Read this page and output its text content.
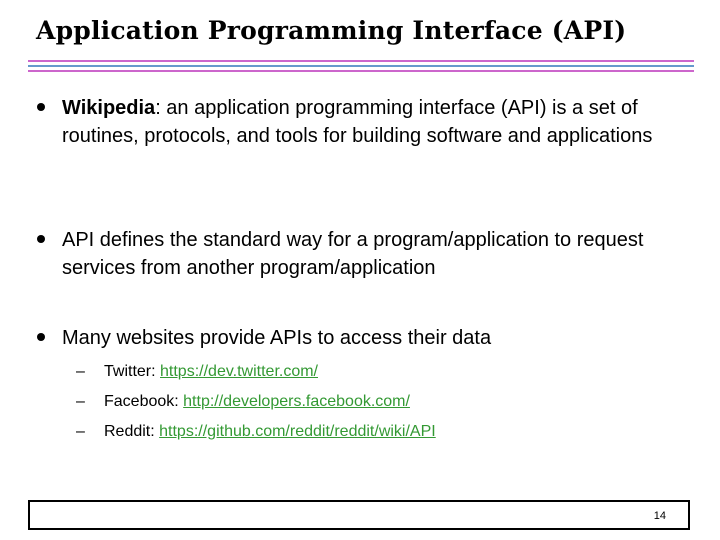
Application Programming Interface (API)
Wikipedia: an application programming interface (API) is a set of routines, protocols, and tools for building software and applications
API defines the standard way for a program/application to request services from another program/application
Many websites provide APIs to access their data
– Twitter: https://dev.twitter.com/
– Facebook: http://developers.facebook.com/
– Reddit: https://github.com/reddit/reddit/wiki/API
14
